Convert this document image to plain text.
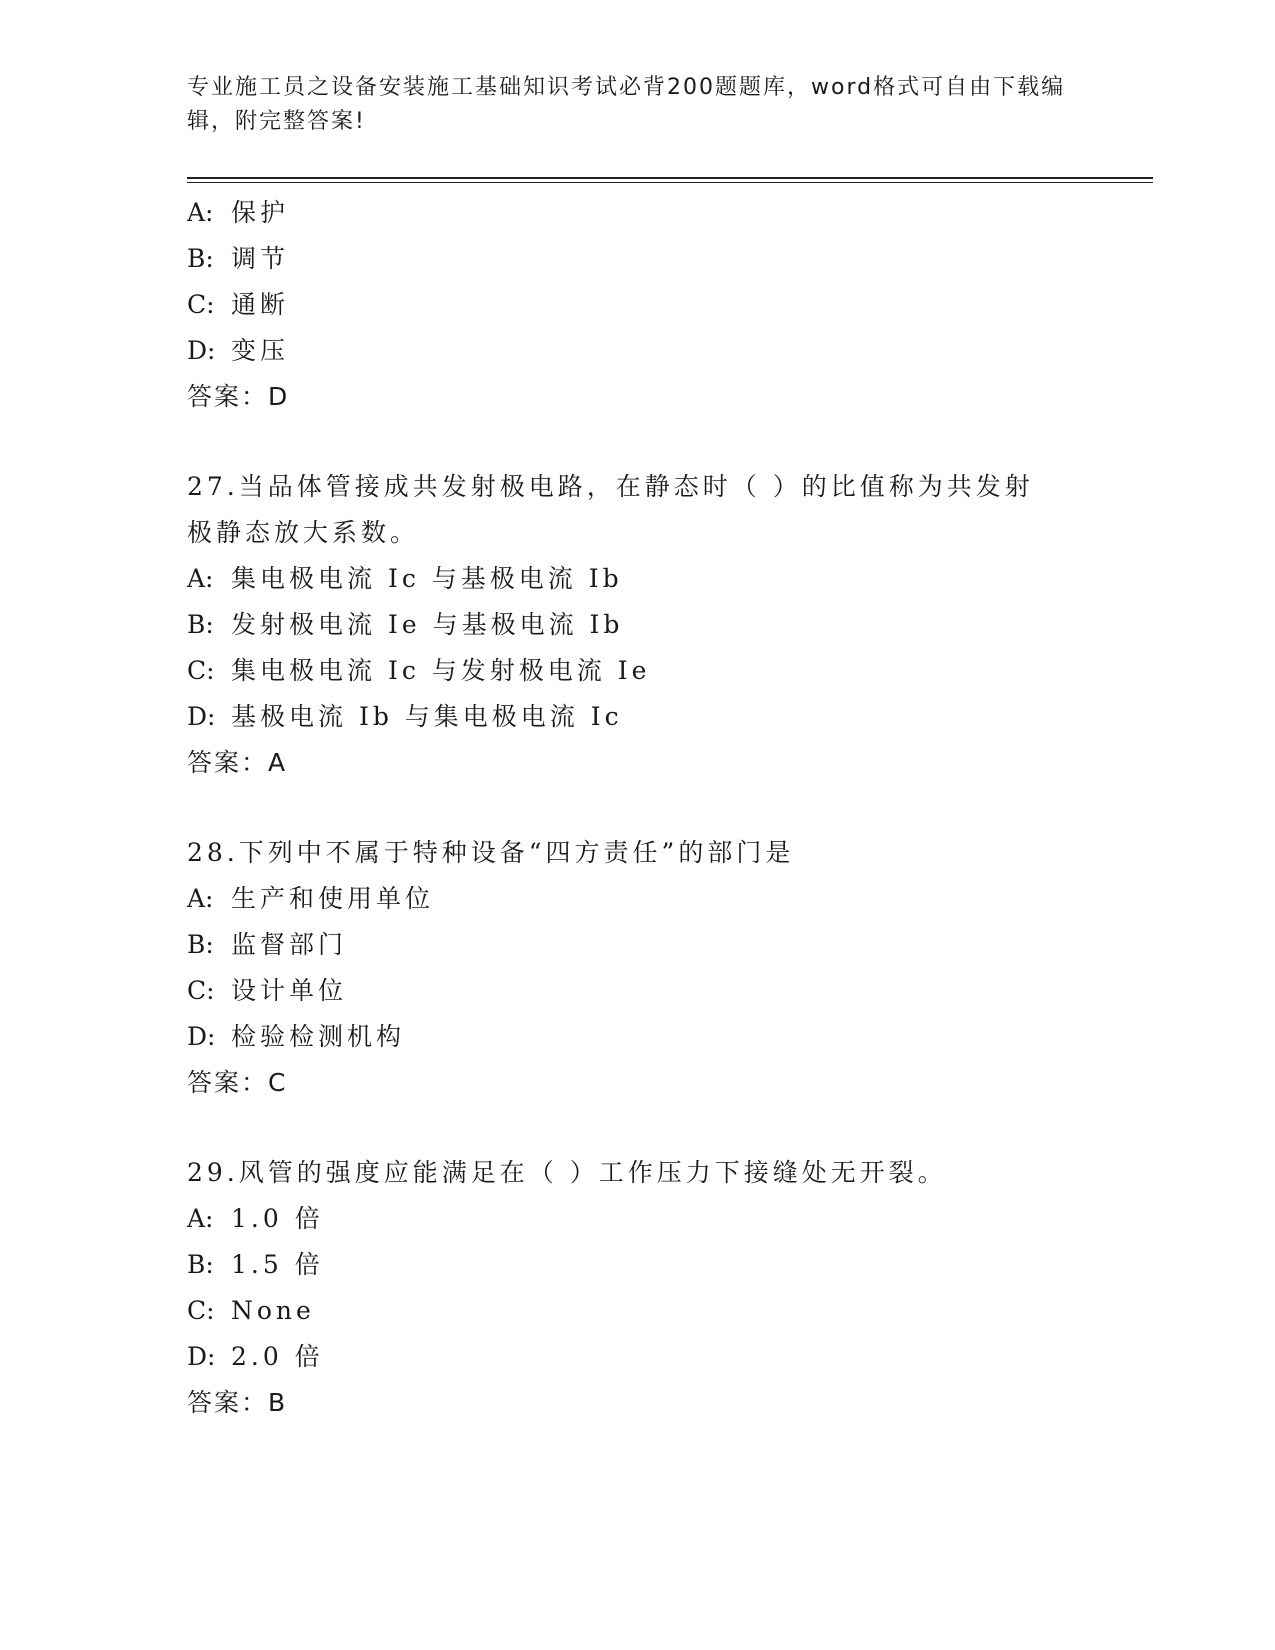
专业施工员之设备安装施工基础知识考试必背200题题库，word格式可自由下载编辑，附完整答案!
A: 保护
B: 调节
C: 通断
D: 变压
答案：D
27.当品体管接成共发射极电路，在静态时（ ）的比值称为共发射极静态放大系数。
A: 集电极电流 Ic 与基极电流 Ib
B: 发射极电流 Ie 与基极电流 Ib
C: 集电极电流 Ic 与发射极电流 Ie
D: 基极电流 Ib 与集电极电流 Ic
答案：A
28.下列中不属于特种设备“四方责任”的部门是
A: 生产和使用单位
B: 监督部门
C: 设计单位
D: 检验检测机构
答案：C
29.风管的强度应能满足在（ ）工作压力下接缝处无开裂。
A: 1.0 倍
B: 1.5 倍
C: None
D: 2.0 倍
答案：B
